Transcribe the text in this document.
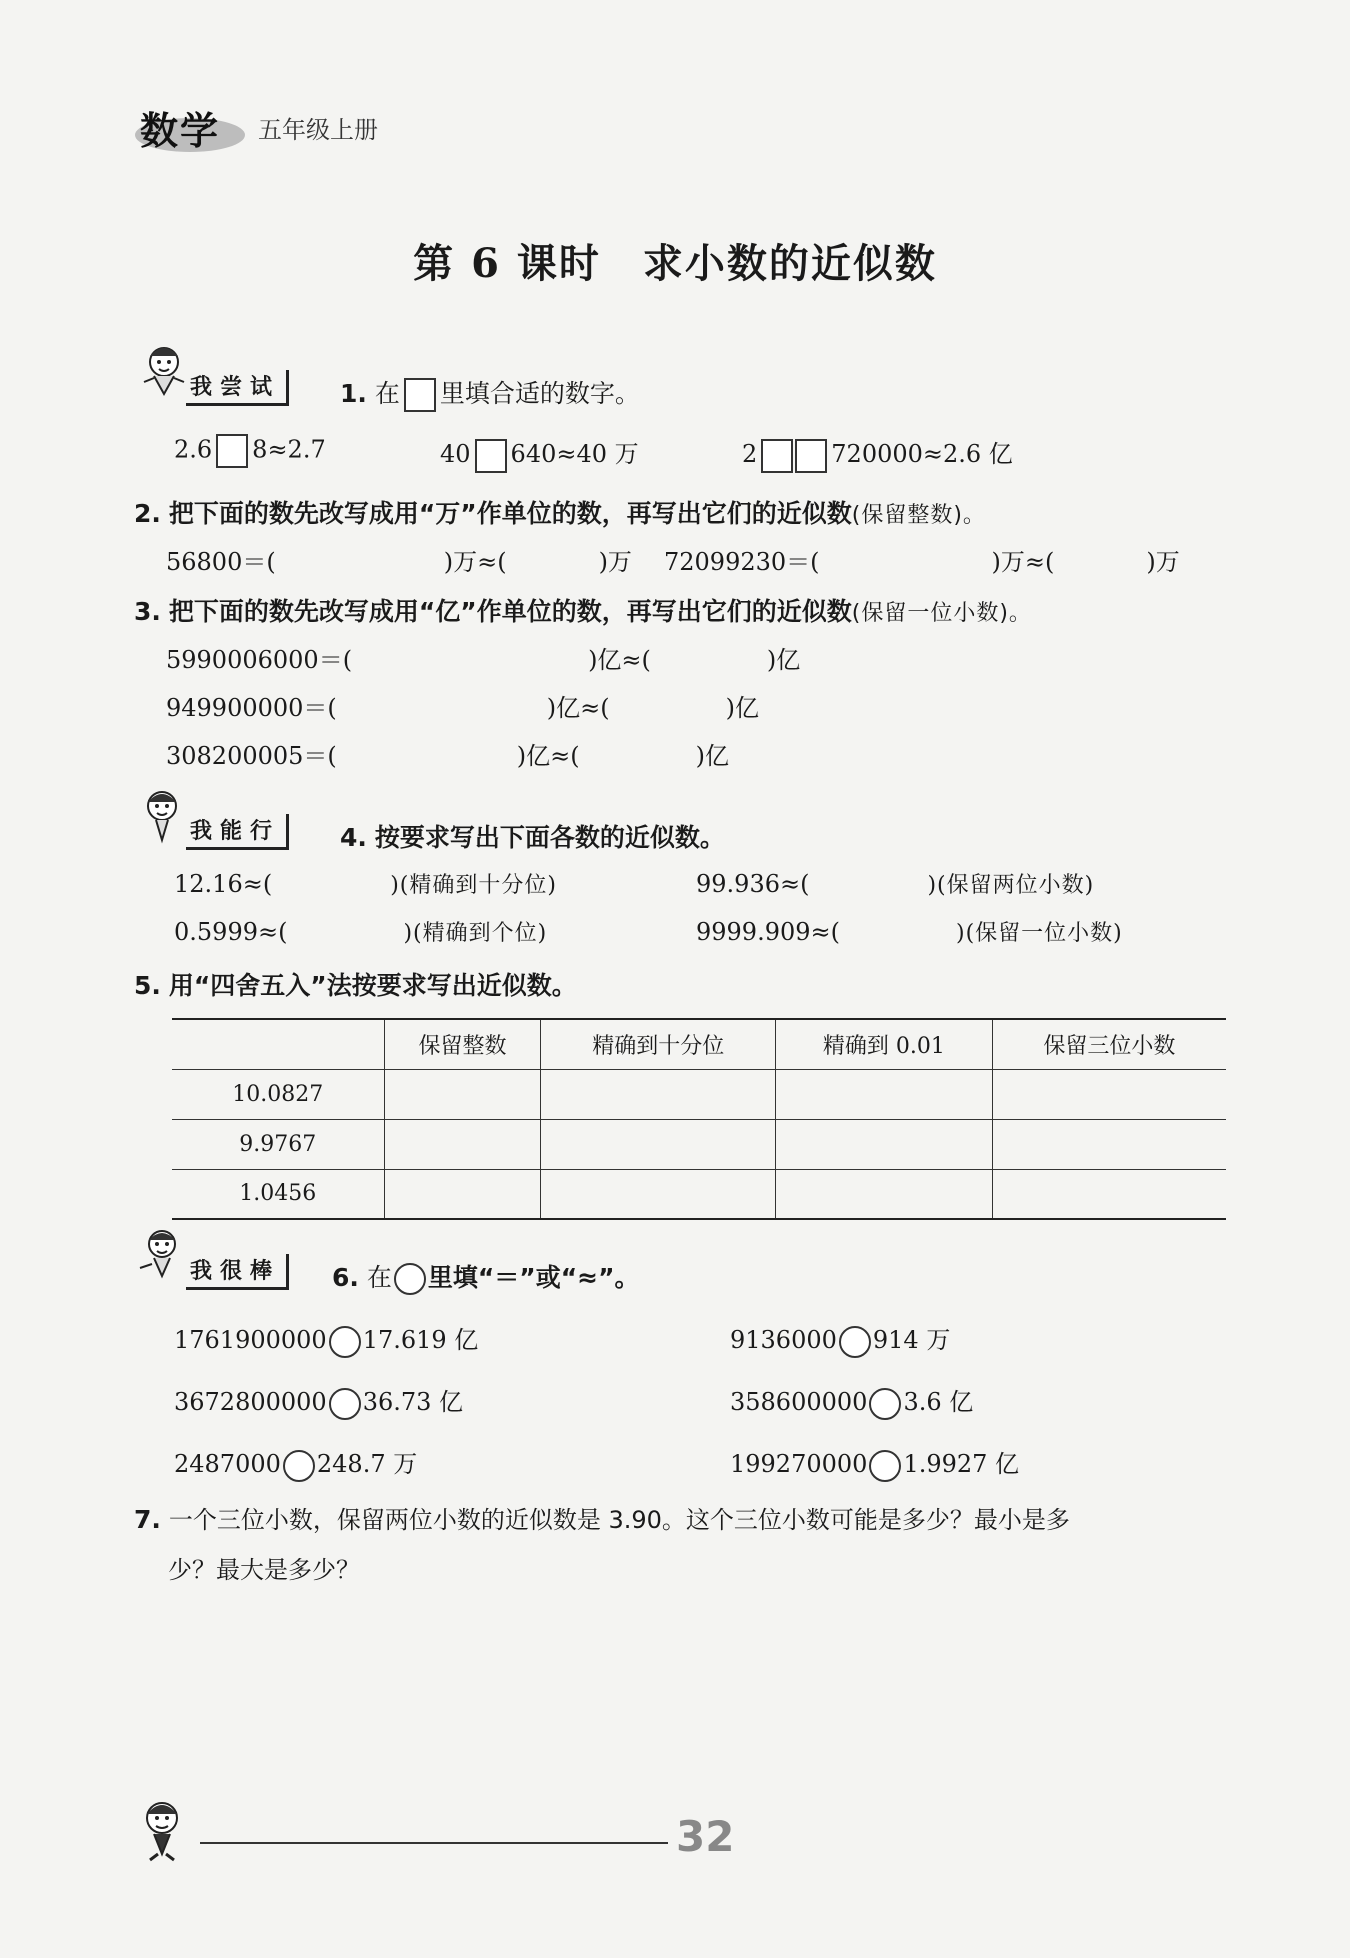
数学 五年级上册
第 6 课时　求小数的近似数
我尝试	1. 在 里填合适的数字。
2.6 8≈2.7	40 640≈40 万	2	720000≈2.6 亿
2. 把下面的数先改写成用“万”作单位的数，再写出它们的近似数(保留整数)。
56800＝(	)万≈(	)万 72099230＝(	)万≈(	)万
3. 把下面的数先改写成用“亿”作单位的数，再写出它们的近似数(保留一位小数)。
5990006000＝(	)亿≈(	)亿
949900000＝(	)亿≈(	)亿
308200005＝(	)亿≈(	)亿
我能行	4. 按要求写出下面各数的近似数。
12.16≈(	)(精确到十分位)	99.936≈(	)(保留两位小数)
0.5999≈(	)(精确到个位)	9999.909≈(	)(保留一位小数)
5. 用“四舍五入”法按要求写出近似数。
	保留整数	精确到十分位	精确到 0.01	保留三位小数
10.0827				
9.9767				
1.0456				
我很棒	6. 在 里填“＝”或“≈”。
1761900000 17.619 亿	9136000 914 万
3672800000 36.73 亿	358600000 3.6 亿
2487000 248.7 万	199270000 1.9927 亿
7. 一个三位小数，保留两位小数的近似数是 3.90。这个三位小数可能是多少？最小是多
少？最大是多少？
32
